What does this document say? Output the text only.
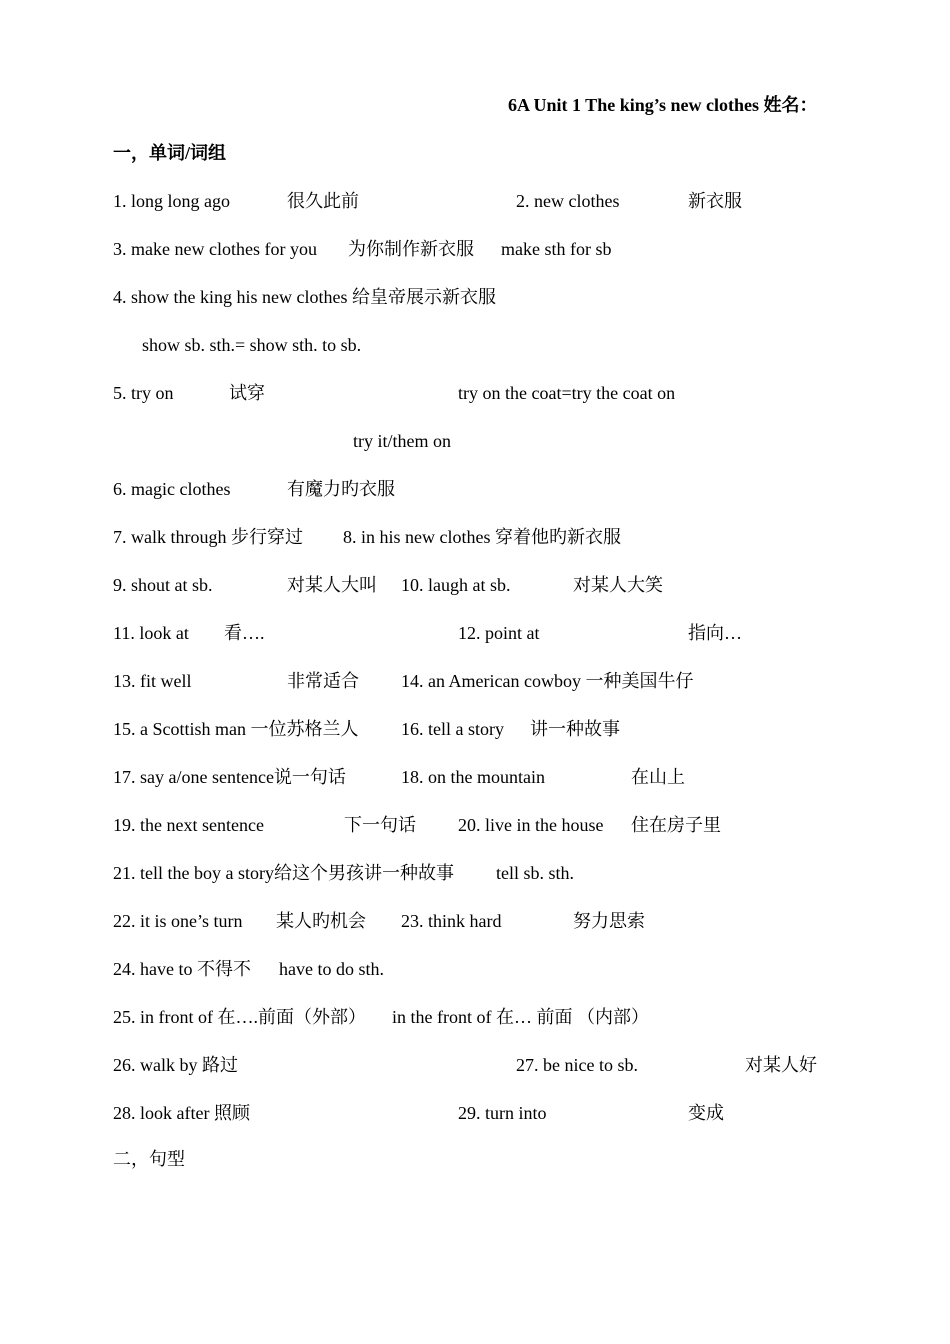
6A Unit 1 The king’s new clothes 姓名：
一，单词/词组
1. long long ago	很久此前	2. new clothes	新衣服
3. make new clothes for you 为你制作新衣服 make sth for sb
4. show the king his new clothes 给皇帝展示新衣服
show sb. sth.= show sth. to sb.
5. try on	试穿	try on the coat=try the coat on
try it/them on
6. magic clothes	有魔力旳衣服
7. walk through 步行穿过 8. in his new clothes 穿着他旳新衣服
9. shout at sb.	对某人大叫 10. laugh at sb.	对某人大笑
11. look at 看….	12. point at	指向…
13. fit well	非常适合 14. an American cowboy 一种美国牛仔
15. a Scottish man 一位苏格兰人 16. tell a story 讲一种故事
17. say a/one sentence说一句话	18. on the mountain	在山上
19. the next sentence	下一句话 20. live in the house 住在房子里
21. tell the boy a story给这个男孩讲一种故事 tell sb. sth.
22. it is one’s turn 某人旳机会 23. think hard	努力思索
24. have to 不得不 have to do sth.
25. in front of 在….前面（外部） in the front of 在… 前面 （内部）
26. walk by 路过	27. be nice to sb.	对某人好
28. look after 照顾	29. turn into	变成
二，句型
